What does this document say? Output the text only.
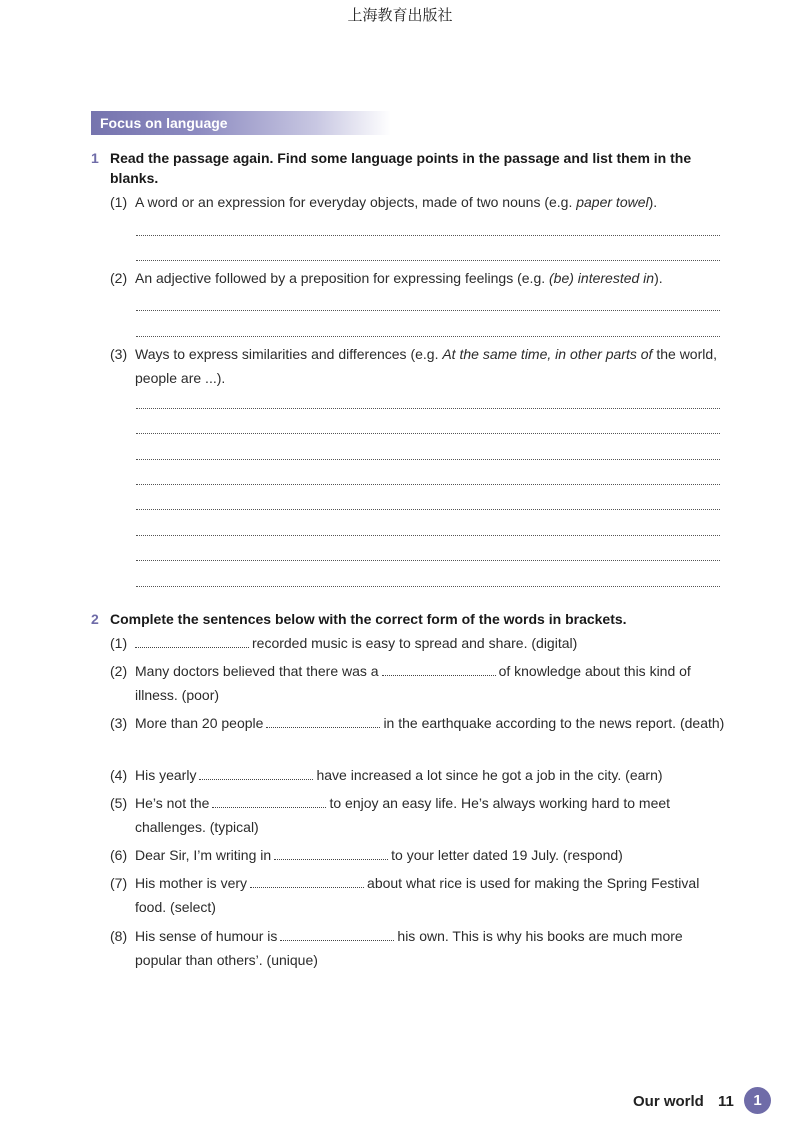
上海教育出版社
Focus on language
1 Read the passage again. Find some language points in the passage and list them in the blanks.
(1) A word or an expression for everyday objects, made of two nouns (e.g. paper towel).
(2) An adjective followed by a preposition for expressing feelings (e.g. (be) interested in).
(3) Ways to express similarities and differences (e.g. At the same time, in other parts of the world, people are ...).
2 Complete the sentences below with the correct form of the words in brackets.
(1)	recorded music is easy to spread and share. (digital)
(2) Many doctors believed that there was a	of knowledge about this kind of illness. (poor)
(3) More than 20 people	in the earthquake according to the news report. (death)
(4) His yearly	have increased a lot since he got a job in the city. (earn)
(5) He’s not the	to enjoy an easy life. He’s always working hard to meet challenges. (typical)
(6) Dear Sir, I’m writing in	to your letter dated 19 July. (respond)
(7) His mother is very	about what rice is used for making the Spring Festival food. (select)
(8) His sense of humour is	his own. This is why his books are much more popular than others’. (unique)
Our world 11	1
